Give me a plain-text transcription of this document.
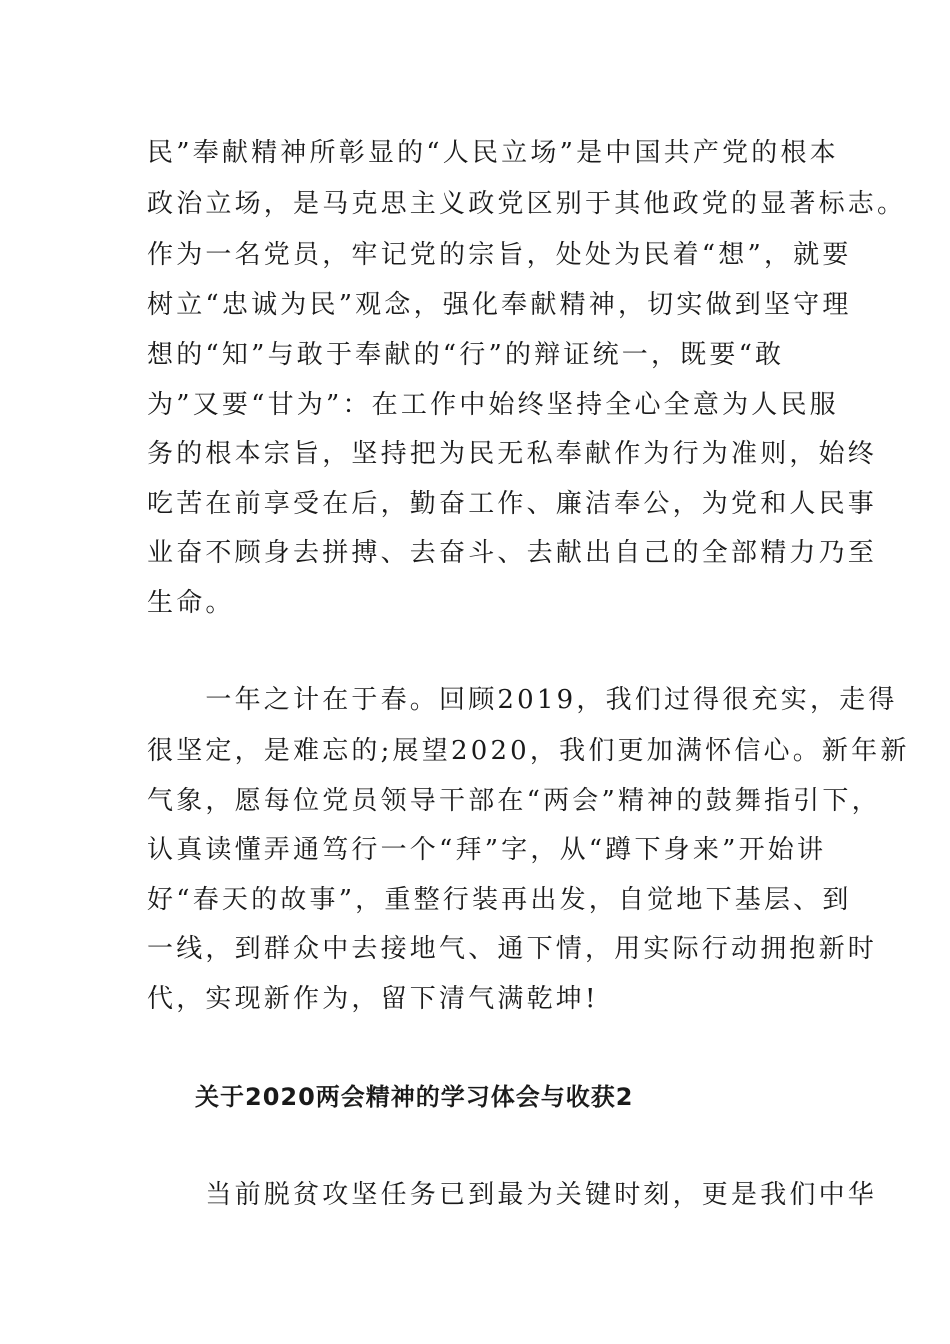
民”奉献精神所彰显的“人民立场”是中国共产党的根本

政治立场，是马克思主义政党区别于其他政党的显著标志。

作为一名党员，牢记党的宗旨，处处为民着“想”，就要

树立“忠诚为民”观念，强化奉献精神，切实做到坚守理

想的“知”与敢于奉献的“行”的辩证统一，既要“敢

为”又要“甘为”：在工作中始终坚持全心全意为人民服

务的根本宗旨，坚持把为民无私奉献作为行为准则，始终

吃苦在前享受在后，勤奋工作、廉洁奉公，为党和人民事

业奋不顾身去拼搏、去奋斗、去献出自己的全部精力乃至

生命。

　　一年之计在于春。回顾2019，我们过得很充实，走得

很坚定，是难忘的;展望2020，我们更加满怀信心。新年新

气象，愿每位党员领导干部在“两会”精神的鼓舞指引下，

认真读懂弄通笃行一个“拜”字，从“蹲下身来”开始讲

好“春天的故事”，重整行装再出发，自觉地下基层、到

一线，到群众中去接地气、通下情，用实际行动拥抱新时

代，实现新作为，留下清气满乾坤!

关于2020两会精神的学习体会与收获2

　　当前脱贫攻坚任务已到最为关键时刻，更是我们中华
